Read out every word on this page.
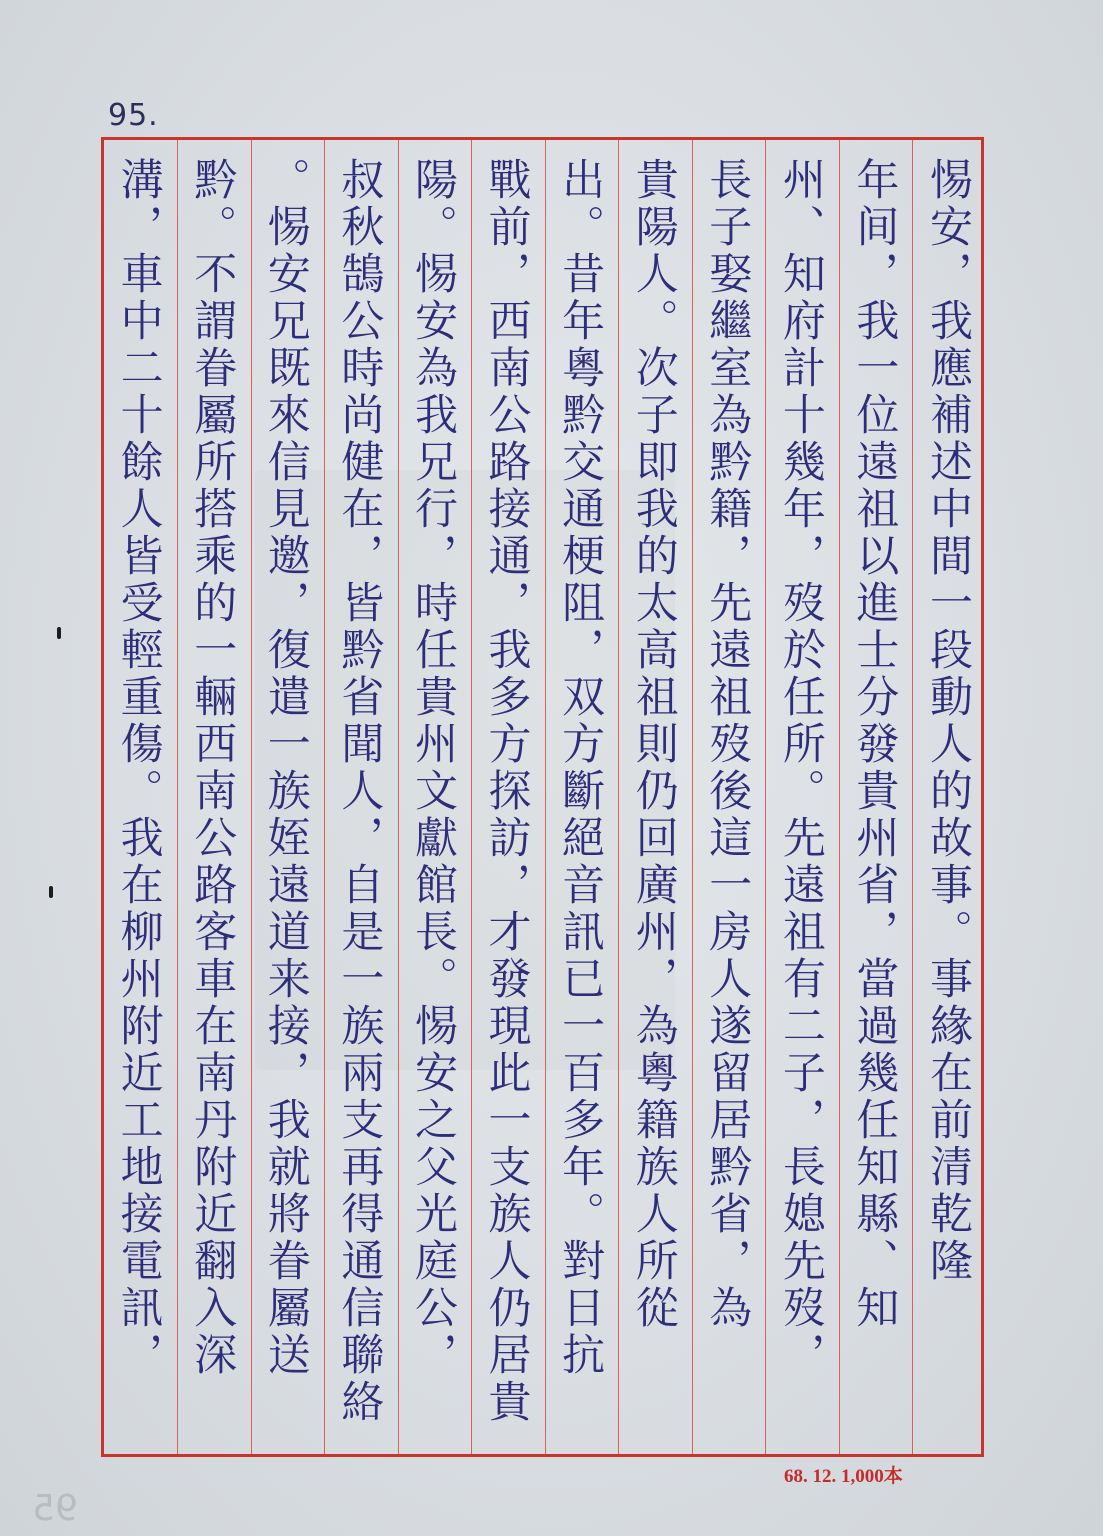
95.
惕安，我應補述中間一段動人的故事。事緣在前清乾隆
年间，我一位遠祖以進士分發貴州省，當過幾任知縣、知
州、知府計十幾年，歿於任所。先遠祖有二子，長媳先歿，
長子娶繼室為黔籍，先遠祖歿後這一房人遂留居黔省，為
貴陽人。次子即我的太高祖則仍回廣州，為粵籍族人所從
出。昔年粵黔交通梗阻，双方斷絕音訊已一百多年。對日抗
戰前，西南公路接通，我多方探訪，才發現此一支族人仍居貴
陽。惕安為我兄行，時任貴州文獻館長。惕安之父光庭公，
叔秋鵠公時尚健在，皆黔省聞人，自是一族兩支再得通信聯絡
。惕安兄既來信見邀，復遣一族姪遠道来接，我就將眷屬送
黔。不謂眷屬所搭乘的一輛西南公路客車在南丹附近翻入深
溝，車中二十餘人皆受輕重傷。我在柳州附近工地接電訊，
68. 12. 1,000本
95
